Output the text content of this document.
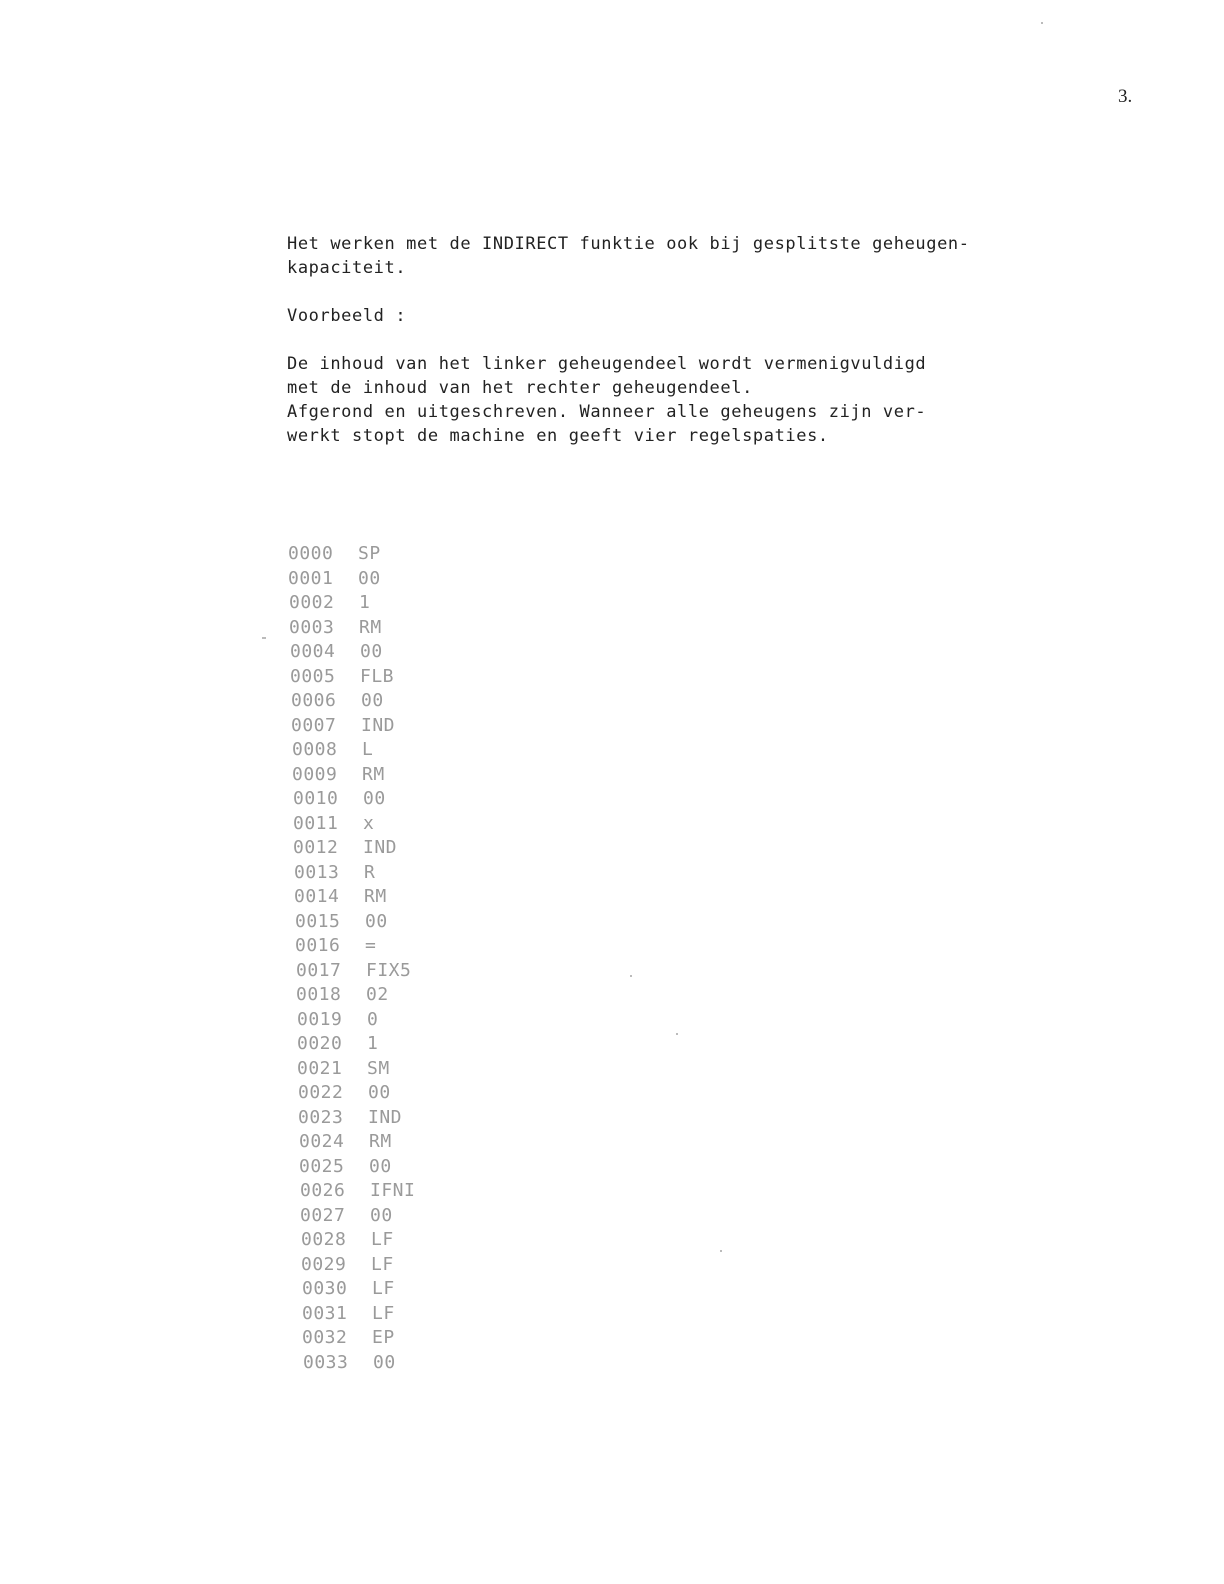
3.

Het werken met de INDIRECT funktie ook bij gesplitste geheugen-
kapaciteit.

Voorbeeld :

De inhoud van het linker geheugendeel wordt vermenigvuldigd
met de inhoud van het rechter geheugendeel.
Afgerond en uitgeschreven. Wanneer alle geheugens zijn ver-
werkt stopt de machine en geeft vier regelspaties.

0000 SP
0001 00
0002 1
0003 RM
0004 00
0005 FLB
0006 00
0007 IND
0008 L
0009 RM
0010 00
0011 x
0012 IND
0013 R
0014 RM
0015 00
0016 =
0017 FIX5
0018 02
0019 0
0020 1
0021 SM
0022 00
0023 IND
0024 RM
0025 00
0026 IFNI
0027 00
0028 LF
0029 LF
0030 LF
0031 LF
0032 EP
0033 00
